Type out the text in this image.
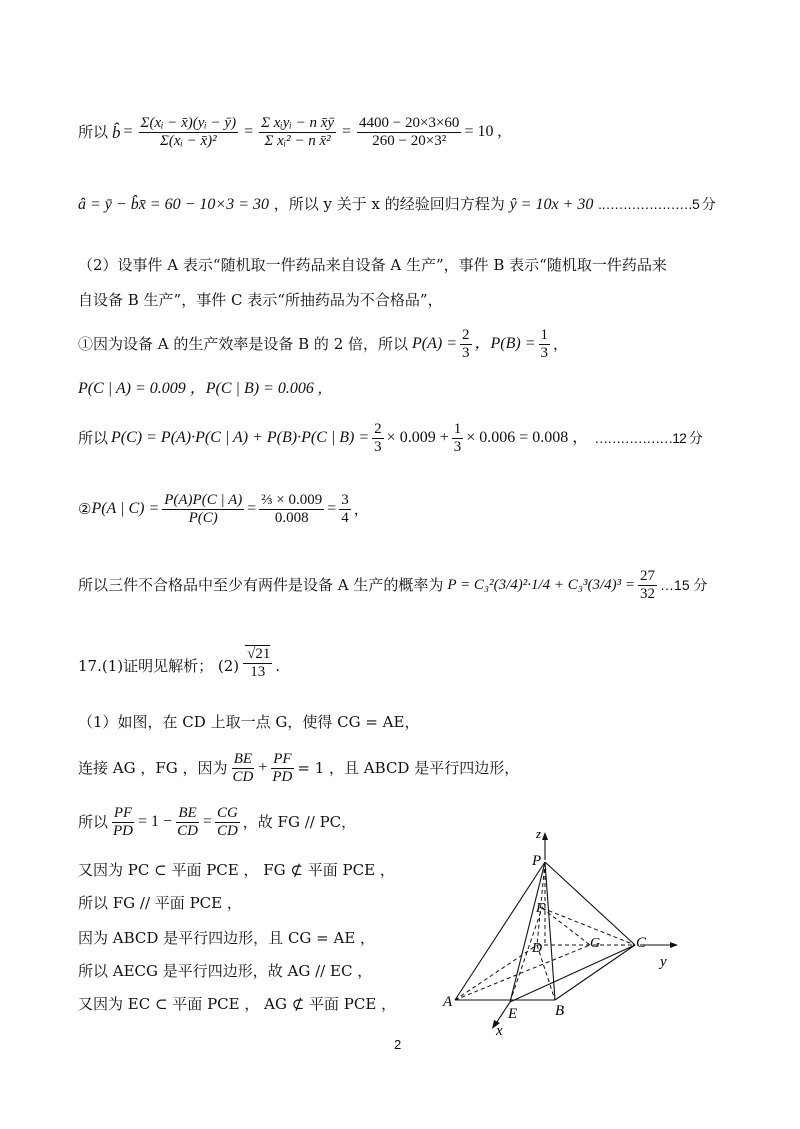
所以 b̂ = $\frac{\text{Σ(xᵢ − x̄)(yᵢ − ȳ)}}{\text{Σ(xᵢ − x̄)²}} = \frac{\text{Σ xᵢyᵢ − n x̄ȳ}}{\text{Σ xᵢ² − n x̄²}} = \frac{4400 - 20\times 3\times 60}{\text{260 − 20×3²}} = 10$ ,
â = ȳ − b̂x̄ = 60 − 10×3 = 30 ，所以 y 关于 x 的经验回归方程为 ŷ = 10x + 30 .…………………5 分
（2）设事件 A 表示“随机取一件药品来自设备 A 生产”，事件 B 表示“随机取一件药品来
自设备 B 生产”，事件 C 表示“所抽药品为不合格品”，
①因为设备 A 的生产效率是设备 B 的 2 倍，所以 $P(A) = \frac{2}{3}$ ，$P(B) = \frac{1}{3}$ ，
P(C | A) = 0.009 ，P(C | B) = 0.006 ,
所以 P(C) = P(A)·P(C | A) + P(B)·P(C | $B) = \frac{2}{3} \times 0.009 + \frac{1}{3} \times 0.006 = 0.008$ ， ………………12 分
② P(A | $C) = \frac{P(A)P(C | A)}{P(C)} = \frac{\text{⅔ × 0.009}}{0.008} = \frac{3}{4}$ ，
所以三件不合格品中至少有两件是设备 A 生产的概率为 $P = C_3^2(3/4)^2\cdot 1/4 + C_3^3(3/4)^3 = \frac{27}{32}$ …15 分
17.(1)证明见解析； $(2) \frac{√21}{13}$ .
（1）如图，在 CD 上取一点 G，使得 CG = AE，
连接 AG ，FG ，因为 $\frac{BE}{CD} + \frac{PF}{PD} = 1$ ，且 ABCD 是平行四边形，
所以 $\frac{PF}{PD} = 1 - \frac{BE}{CD} = \frac{CG}{CD}$ ，故 FG // PC，
又因为 PC ⊂ 平面 PCE ， FG ⊄ 平面 PCE ，
所以 FG // 平面 PCE ，
因为 ABCD 是平行四边形，且 CG = AE ，
所以 AECG 是平行四边形，故 AG // EC ，
又因为 EC ⊂ 平面 PCE ， AG ⊄ 平面 PCE ，
z
P
F
D	G C
y
A
E	B
x
2
